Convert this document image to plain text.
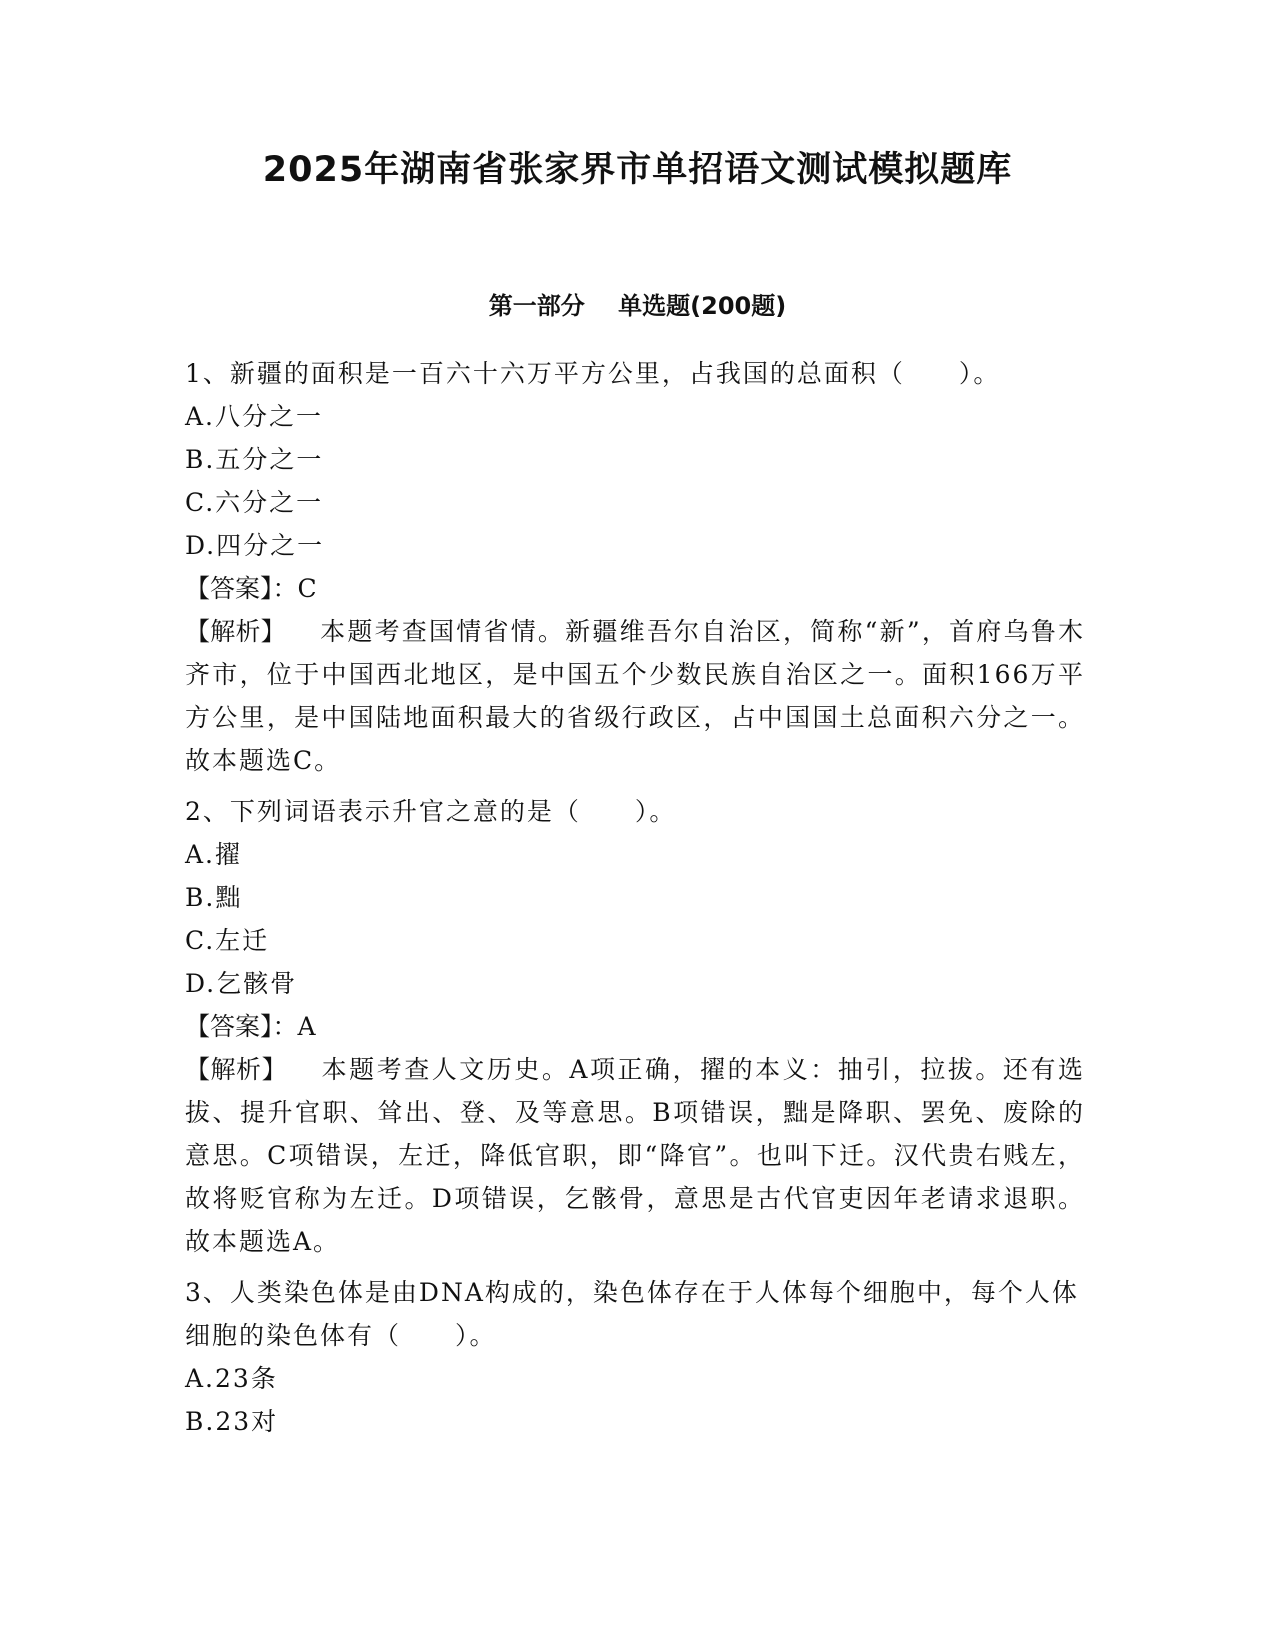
2025年湖南省张家界市单招语文测试模拟题库
第一部分    单选题(200题)

1、新疆的面积是一百六十六万平方公里，占我国的总面积（　　）。

A.八分之一

B.五分之一

C.六分之一

D.四分之一

【答案】：C

【解析】 本题考查国情省情。新疆维吾尔自治区，简称“新”，首府乌鲁木齐市，位于中国西北地区，是中国五个少数民族自治区之一。面积166万平方公里，是中国陆地面积最大的省级行政区，占中国国土总面积六分之一。故本题选C。

2、下列词语表示升官之意的是（　　）。

A.擢

B.黜

C.左迁

D.乞骸骨

【答案】：A

【解析】 本题考查人文历史。A项正确，擢的本义：抽引，拉拔。还有选拔、提升官职、耸出、登、及等意思。B项错误，黜是降职、罢免、废除的意思。C项错误，左迁，降低官职，即“降官”。也叫下迁。汉代贵右贱左，故将贬官称为左迁。D项错误，乞骸骨，意思是古代官吏因年老请求退职。故本题选A。

3、人类染色体是由DNA构成的，染色体存在于人体每个细胞中，每个人体细胞的染色体有（　　）。

A.23条

B.23对
